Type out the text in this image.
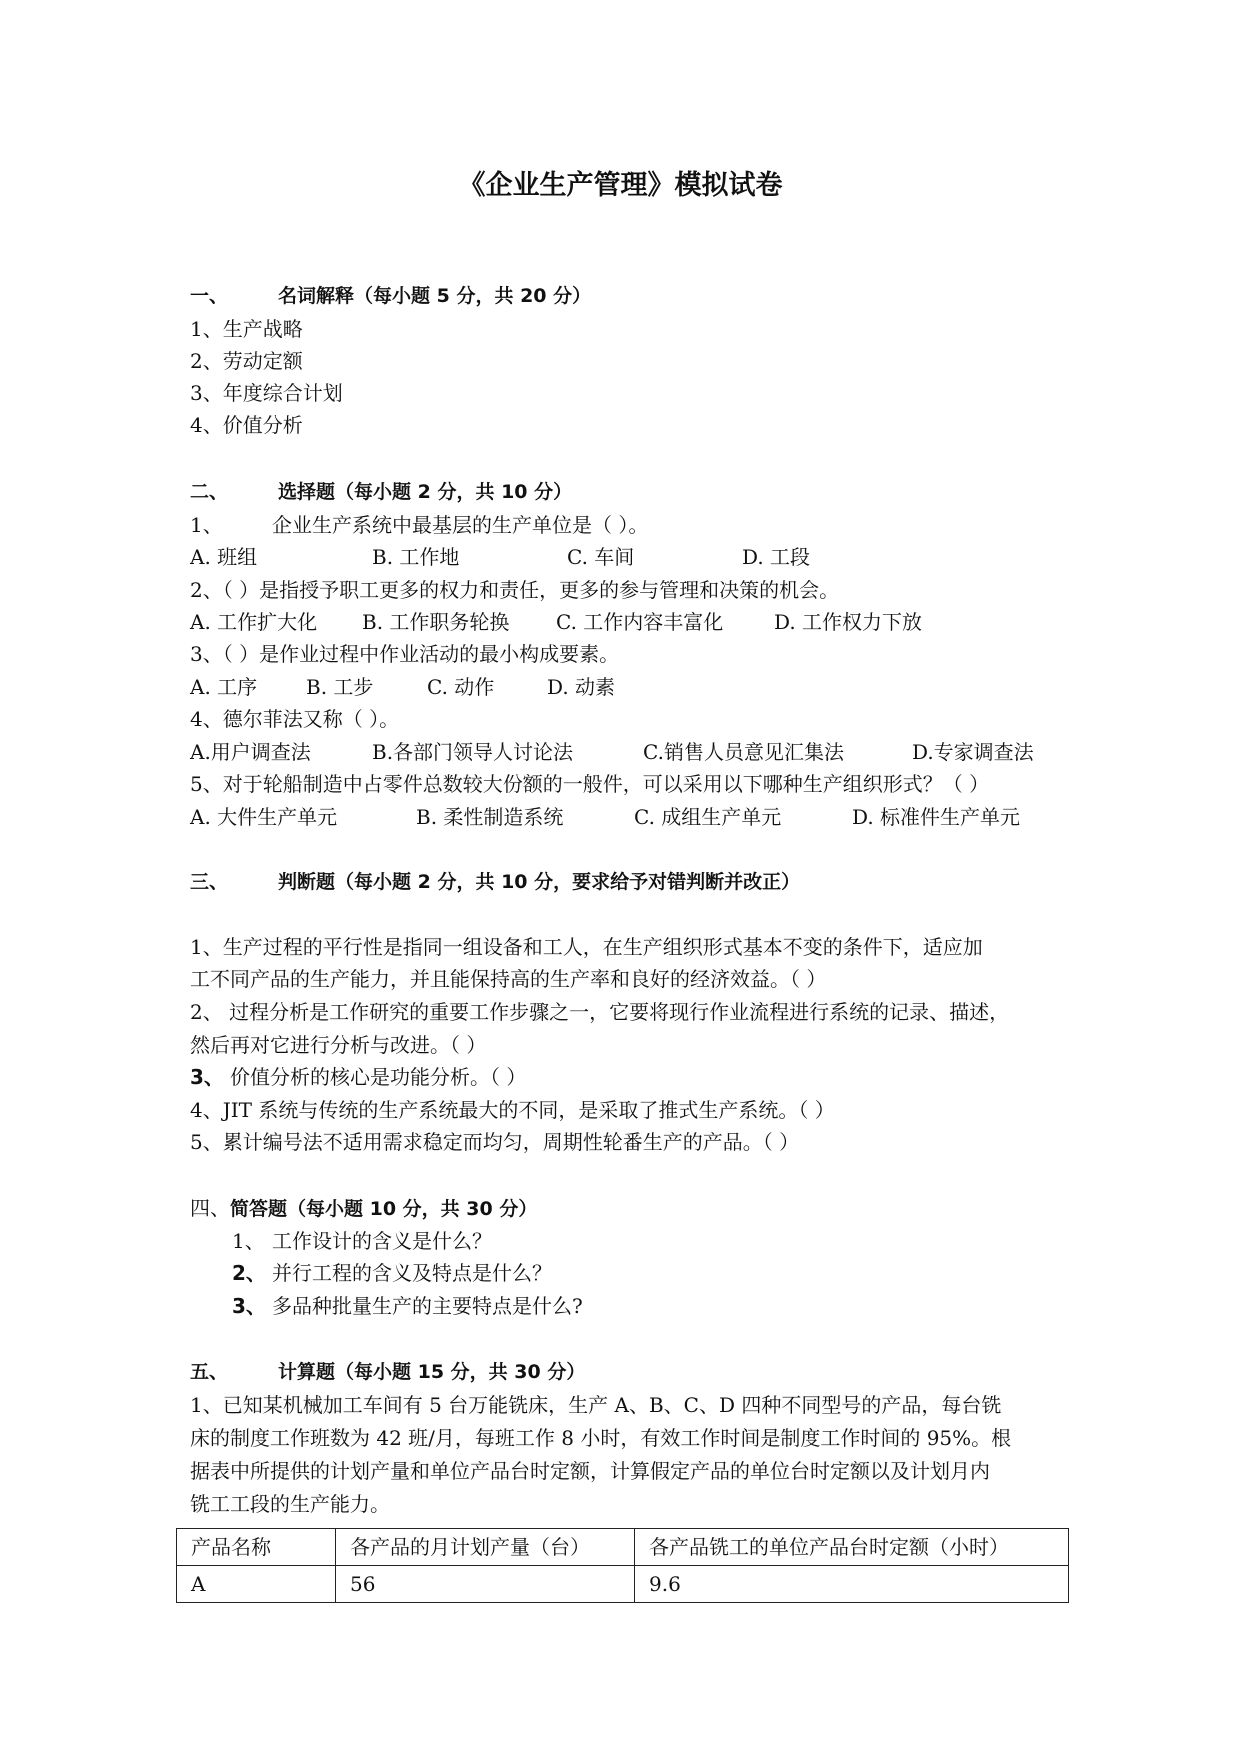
《企业生产管理》模拟试卷
一、	名词解释（每小题 5 分，共 20 分）
1、生产战略
2、劳动定额
3、年度综合计划
4、价值分析
二、	选择题（每小题 2 分，共 10 分）
1、 企业生产系统中最基层的生产单位是（ ）。
A. 班组	B. 工作地	C. 车间	D. 工段
2、（ ）是指授予职工更多的权力和责任，更多的参与管理和决策的机会。
A. 工作扩大化 B. 工作职务轮换 C. 工作内容丰富化	D. 工作权力下放
3、（ ）是作业过程中作业活动的最小构成要素。
A. 工序 B. 工步	C. 动作	D. 动素
4、德尔菲法又称（ ）。
A.用户调查法	B.各部门领导人讨论法	C.销售人员意见汇集法	D.专家调查法
5、对于轮船制造中占零件总数较大份额的一般件，可以采用以下哪种生产组织形式？（ ）
A. 大件生产单元	B. 柔性制造系统	C. 成组生产单元	D. 标准件生产单元
三、	判断题（每小题 2 分，共 10 分，要求给予对错判断并改正）
1、生产过程的平行性是指同一组设备和工人，在生产组织形式基本不变的条件下，适应加
工不同产品的生产能力，并且能保持高的生产率和良好的经济效益。（ ）
2、 过程分析是工作研究的重要工作步骤之一，它要将现行作业流程进行系统的记录、描述，
然后再对它进行分析与改进。（ ）
3、 价值分析的核心是功能分析。（ ）
4、JIT 系统与传统的生产系统最大的不同，是采取了推式生产系统。（ ）
5、累计编号法不适用需求稳定而均匀，周期性轮番生产的产品。（ ）
四、简答题（每小题 10 分，共 30 分）
1、 工作设计的含义是什么？
2、 并行工程的含义及特点是什么？
3、 多品种批量生产的主要特点是什么?
五、	计算题（每小题 15 分，共 30 分）
1、已知某机械加工车间有 5 台万能铣床，生产 A、B、C、D 四种不同型号的产品，每台铣
床的制度工作班数为 42 班/月，每班工作 8 小时，有效工作时间是制度工作时间的 95%。根
据表中所提供的计划产量和单位产品台时定额，计算假定产品的单位台时定额以及计划月内
铣工工段的生产能力。
产品名称	各产品的月计划产量（台）	各产品铣工的单位产品台时定额（小时）
A	56	9.6
